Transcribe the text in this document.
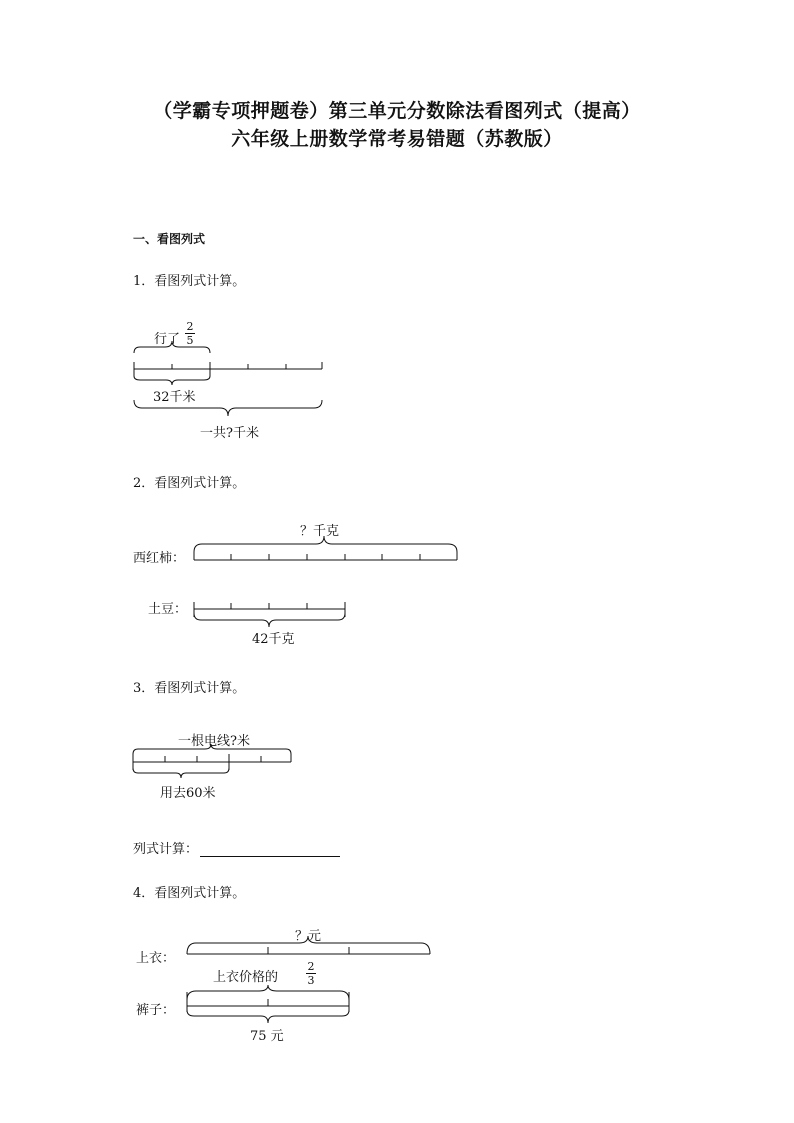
（学霸专项押题卷）第三单元分数除法看图列式（提高）
六年级上册数学常考易错题（苏教版）
一、看图列式
1．看图列式计算。
行了
2
5
32千米
一共?千米
2．看图列式计算。
？千克
西红柿：
土豆：
42千克
3．看图列式计算。
一根电线?米
用去60米
列式计算：
4．看图列式计算。
？元
上衣：
上衣价格的
2
3
裤子：
75 元
